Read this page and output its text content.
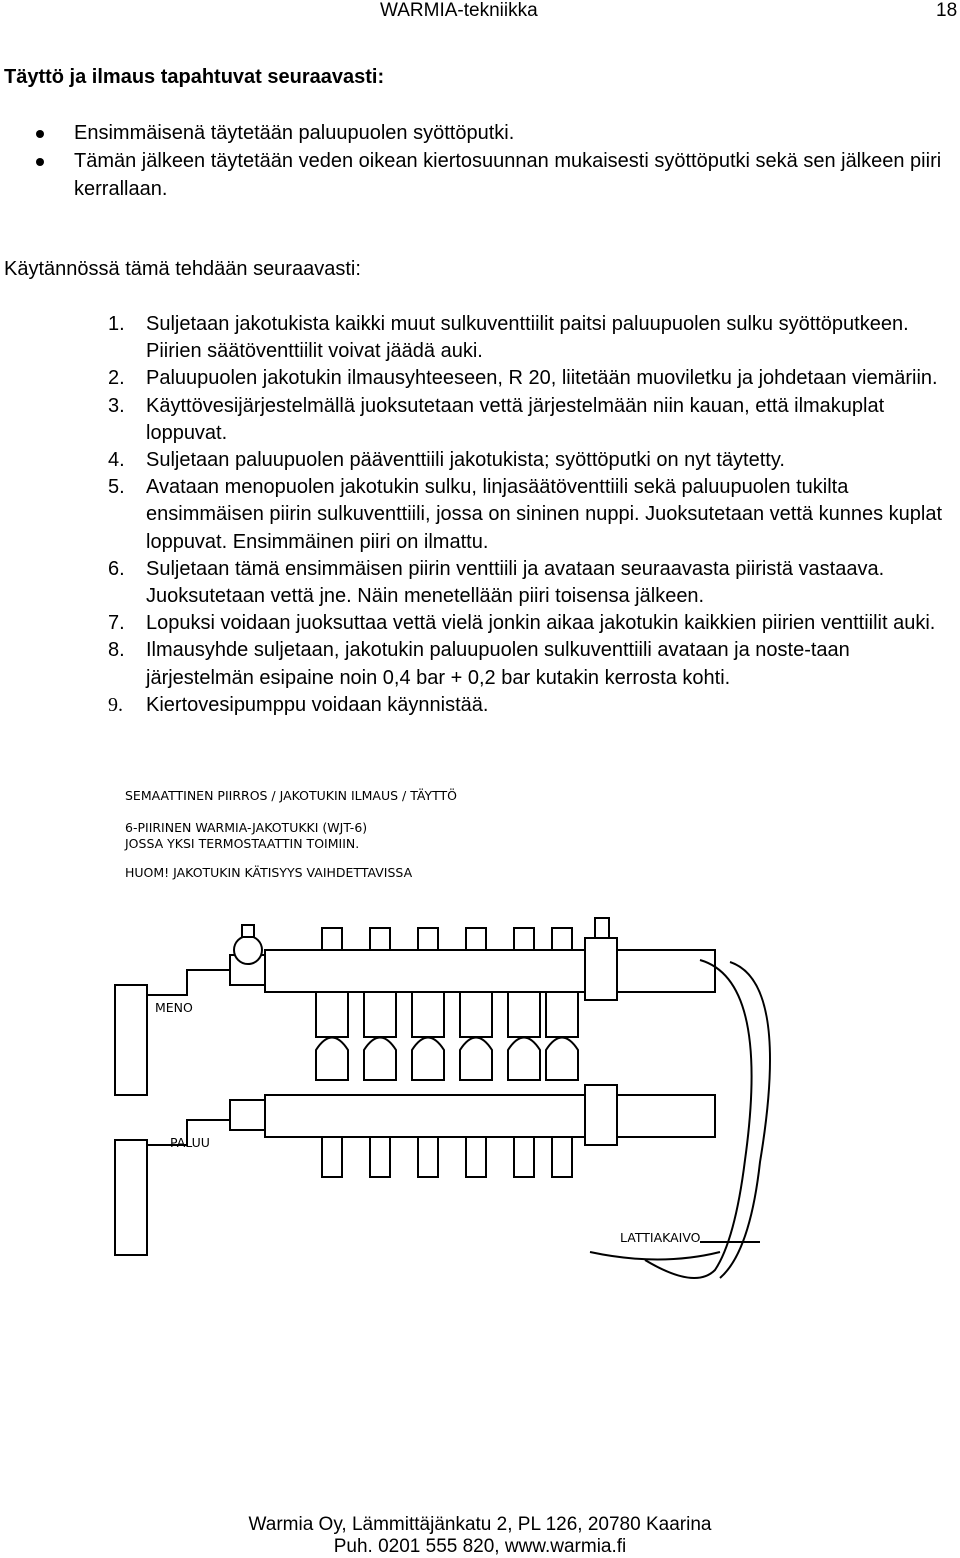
WARMIA-tekniikka	18
Täyttö ja ilmaus tapahtuvat seuraavasti:
Ensimmäisenä täytetään paluupuolen syöttöputki.
Tämän jälkeen täytetään veden oikean kiertosuunnan mukaisesti syöttöputki sekä sen jälkeen piiri kerrallaan.
Käytännössä tämä tehdään seuraavasti:
1. Suljetaan jakotukista kaikki muut sulkuventtiilit paitsi paluupuolen sulku syöttöputkeen. Piirien säätöventtiilit voivat jäädä auki.
2. Paluupuolen jakotukin ilmausyhteeseen, R 20, liitetään muoviletku ja johdetaan viemäriin.
3. Käyttövesijärjestelmällä juoksutetaan vettä järjestelmään niin kauan, että ilmakuplat loppuvat.
4. Suljetaan paluupuolen pääventtiili jakotukista; syöttöputki on nyt täytetty.
5. Avataan menopuolen jakotukin sulku, linjasäätöventtiili sekä paluupuolen tukilta ensimmäisen piirin sulkuventtiili, jossa on sininen nuppi. Juoksutetaan vettä kunnes kuplat loppuvat. Ensimmäinen piiri on ilmattu.
6. Suljetaan tämä ensimmäisen piirin venttiili ja avataan seuraavasta piiristä vastaava. Juoksutetaan vettä jne. Näin menetellään piiri toisensa jälkeen.
7. Lopuksi voidaan juoksuttaa vettä vielä jonkin aikaa jakotukin kaikkien piirien venttiilit auki.
8. Ilmausyhde suljetaan, jakotukin paluupuolen sulkuventtiili avataan ja noste-taan järjestelmän esipaine noin 0,4 bar + 0,2 bar kutakin kerrosta kohti.
9. Kiertovesipumppu voidaan käynnistää.
SEMAATTINEN PIIRROS / JAKOTUKIN ILMAUS / TÄYTTÖ
6-PIIRINEN WARMIA-JAKOTUKKI (WJT-6)
JOSSA YKSI TERMOSTAATTIN TOIMIIN.
HUOM! JAKOTUKIN KÄTISYYS VAIHDETTAVISSA
MENO
PALUU
LATTIAKAIVO
Warmia Oy, Lämmittäjänkatu 2, PL 126, 20780 Kaarina
Puh. 0201 555 820, www.warmia.fi
